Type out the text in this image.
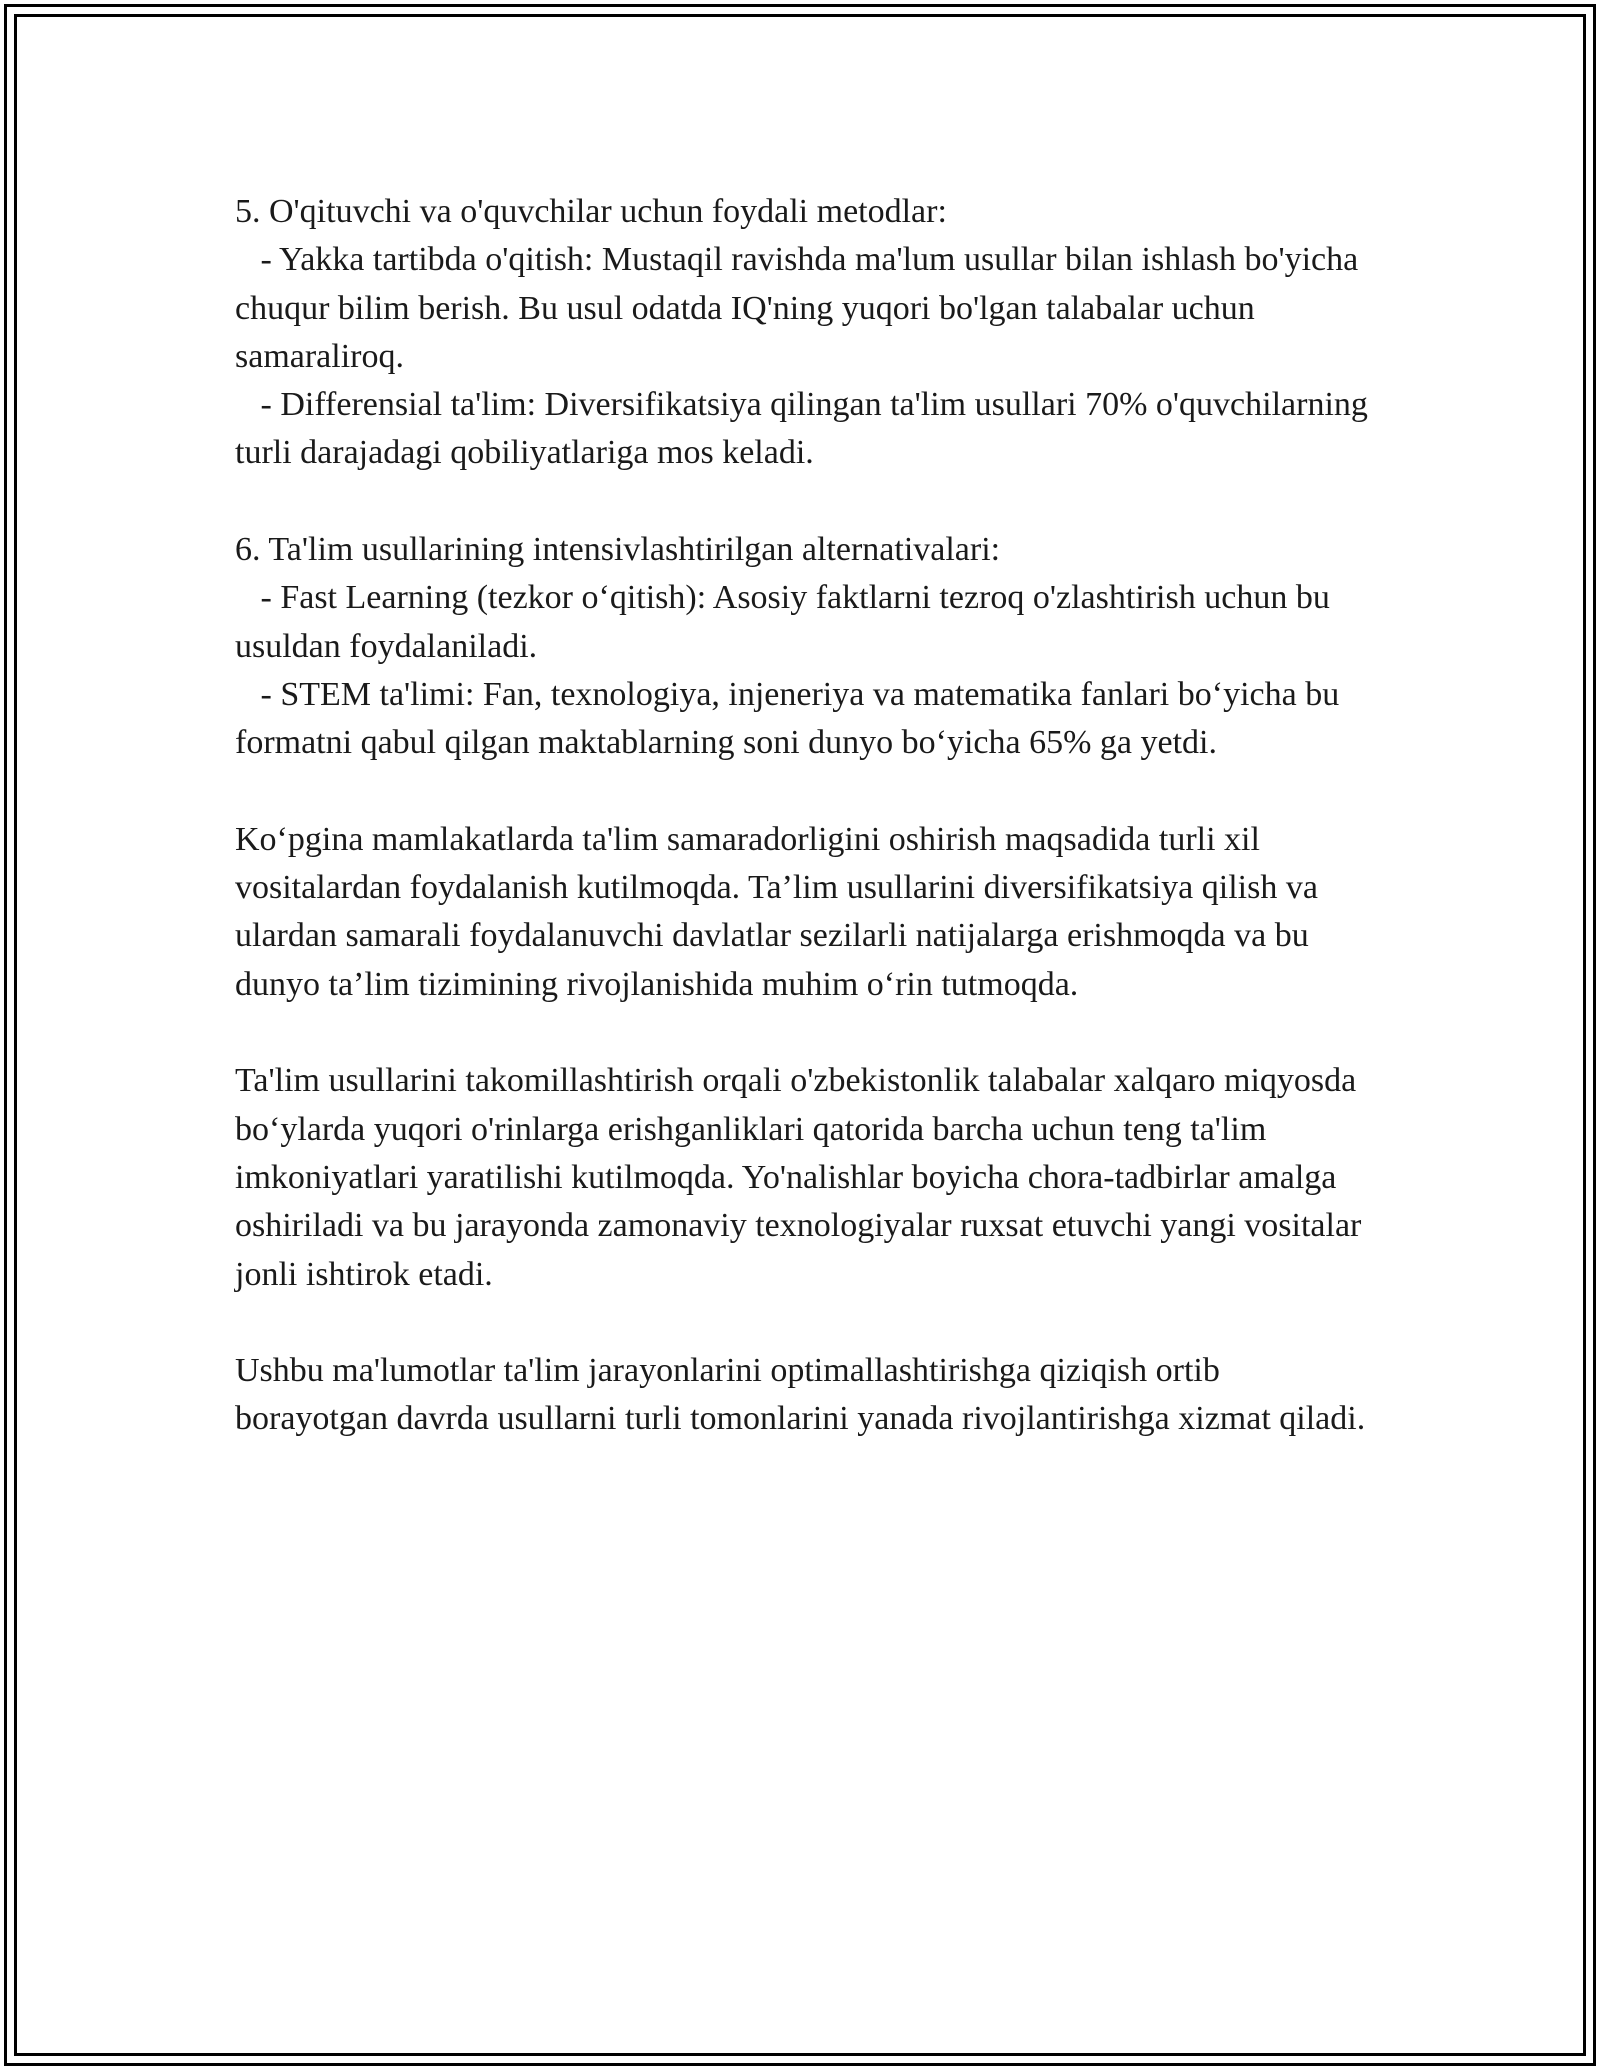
5. O'qituvchi va o'quvchilar uchun foydali metodlar:

- Yakka tartibda o'qitish: Mustaqil ravishda ma'lum usullar bilan ishlash bo'yicha chuqur bilim berish. Bu usul odatda IQ'ning yuqori bo'lgan talabalar uchun samaraliroq.

- Differensial ta'lim: Diversifikatsiya qilingan ta'lim usullari 70% o'quvchilarning turli darajadagi qobiliyatlariga mos keladi.

6. Ta'lim usullarining intensivlashtirilgan alternativalari:

- Fast Learning (tezkor oʻqitish): Asosiy faktlarni tezroq o'zlashtirish uchun bu usuldan foydalaniladi.

- STEM ta'limi: Fan, texnologiya, injeneriya va matematika fanlari boʻyicha bu formatni qabul qilgan maktablarning soni dunyo boʻyicha 65% ga yetdi.

Koʻpgina mamlakatlarda ta'lim samaradorligini oshirish maqsadida turli xil vositalardan foydalanish kutilmoqda. Ta’lim usullarini diversifikatsiya qilish va ulardan samarali foydalanuvchi davlatlar sezilarli natijalarga erishmoqda va bu dunyo ta’lim tizimining rivojlanishida muhim oʻrin tutmoqda.

Ta'lim usullarini takomillashtirish orqali o'zbekistonlik talabalar xalqaro miqyosda boʻylarda yuqori o'rinlarga erishganliklari qatorida barcha uchun teng ta'lim imkoniyatlari yaratilishi kutilmoqda. Yo'nalishlar boyicha chora-tadbirlar amalga oshiriladi va bu jarayonda zamonaviy texnologiyalar ruxsat etuvchi yangi vositalar jonli ishtirok etadi.

Ushbu ma'lumotlar ta'lim jarayonlarini optimallashtirishga qiziqish ortib borayotgan davrda usullarni turli tomonlarini yanada rivojlantirishga xizmat qiladi.
